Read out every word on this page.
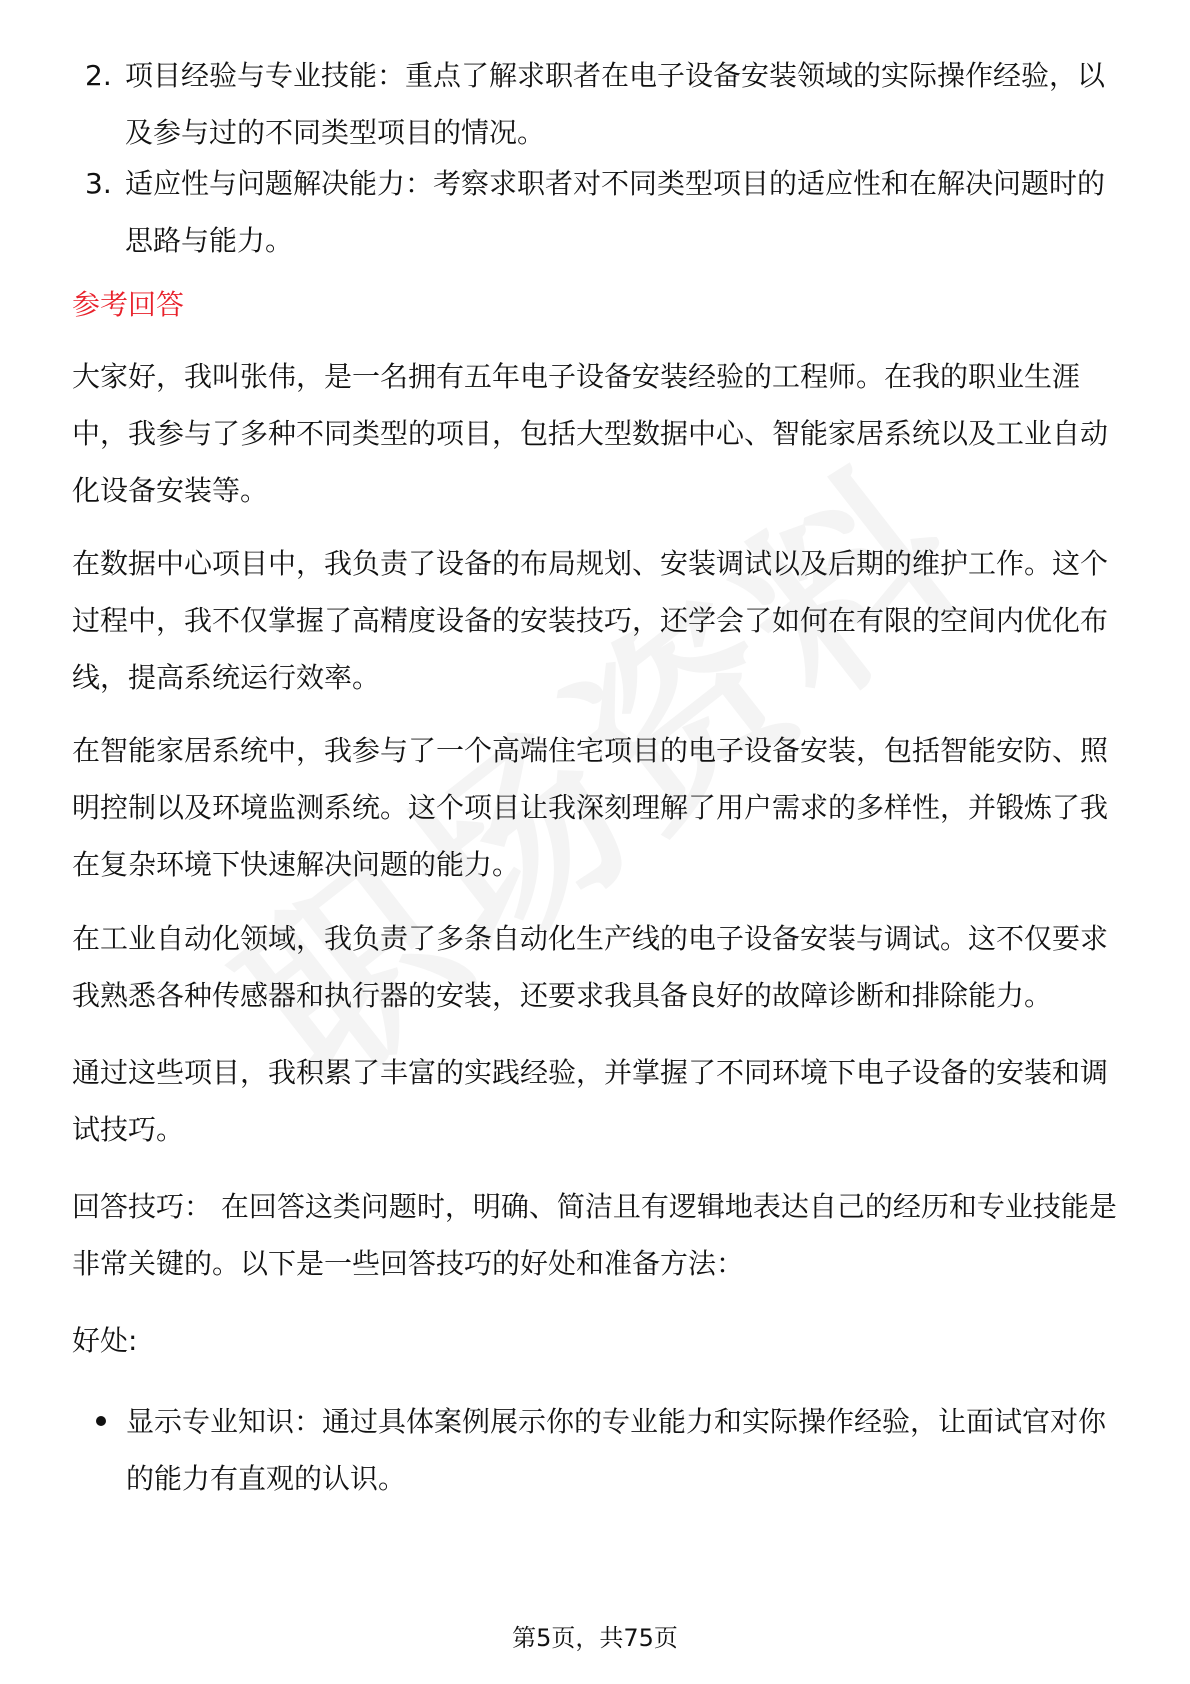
2. 项目经验与专业技能：重点了解求职者在电子设备安装领域的实际操作经验，以及参与过的不同类型项目的情况。
3. 适应性与问题解决能力：考察求职者对不同类型项目的适应性和在解决问题时的思路与能力。
参考回答

大家好，我叫张伟，是一名拥有五年电子设备安装经验的工程师。在我的职业生涯中，我参与了多种不同类型的项目，包括大型数据中心、智能家居系统以及工业自动化设备安装等。

在数据中心项目中，我负责了设备的布局规划、安装调试以及后期的维护工作。这个过程中，我不仅掌握了高精度设备的安装技巧，还学会了如何在有限的空间内优化布线，提高系统运行效率。

在智能家居系统中，我参与了一个高端住宅项目的电子设备安装，包括智能安防、照明控制以及环境监测系统。这个项目让我深刻理解了用户需求的多样性，并锻炼了我在复杂环境下快速解决问题的能力。

在工业自动化领域，我负责了多条自动化生产线的电子设备安装与调试。这不仅要求我熟悉各种传感器和执行器的安装，还要求我具备良好的故障诊断和排除能力。

通过这些项目，我积累了丰富的实践经验，并掌握了不同环境下电子设备的安装和调试技巧。

回答技巧： 在回答这类问题时，明确、简洁且有逻辑地表达自己的经历和专业技能是非常关键的。以下是一些回答技巧的好处和准备方法：

好处:

显示专业知识：通过具体案例展示你的专业能力和实际操作经验，让面试官对你的能力有直观的认识。
第5页，共75页
